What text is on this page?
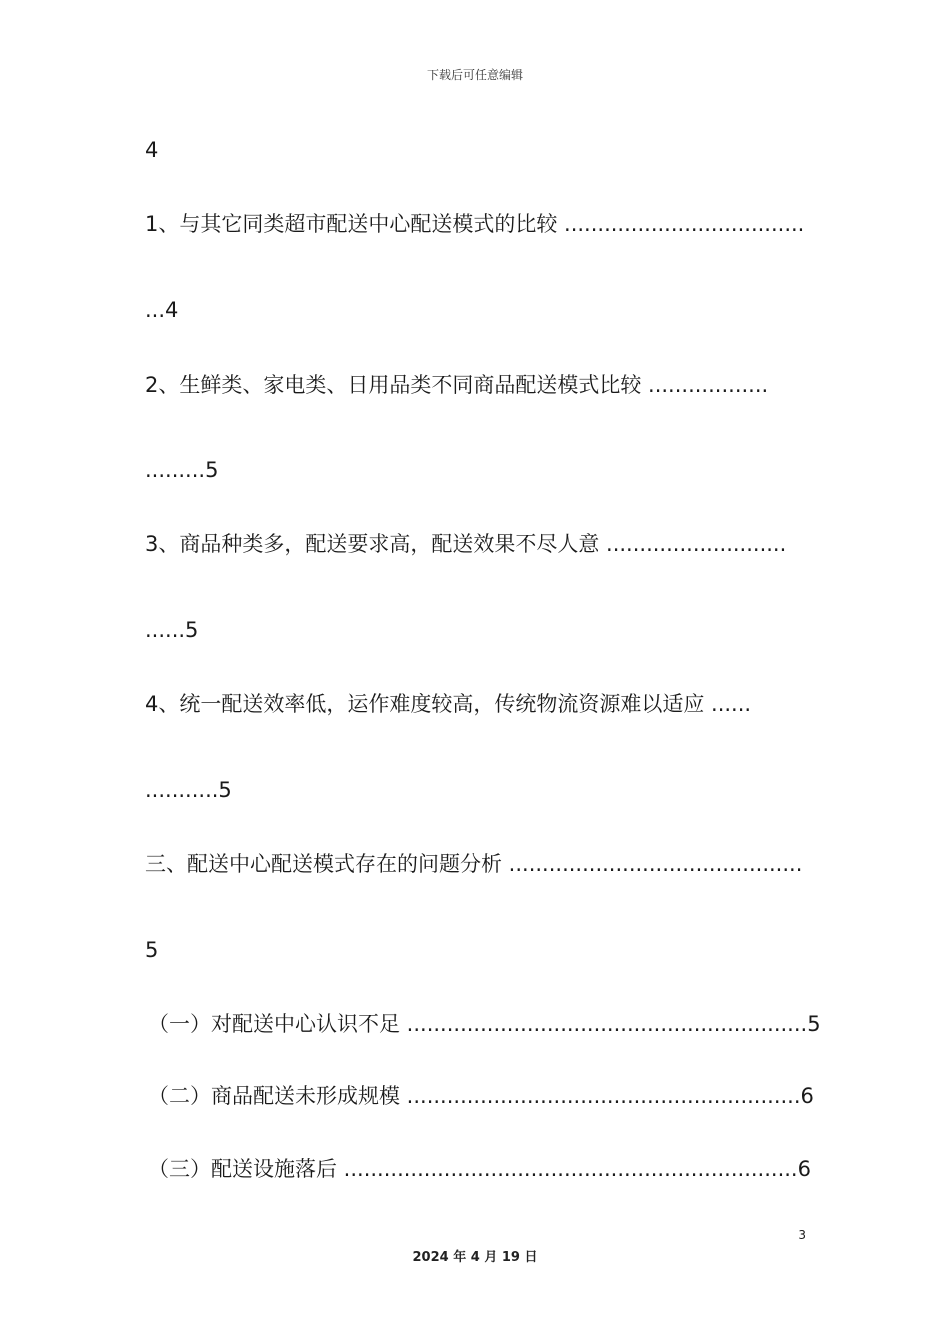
下载后可任意编辑
4
1、与其它同类超市配送中心配送模式的比较 ....................................
...4
2、生鲜类、家电类、日用品类不同商品配送模式比较 ..................
.........5
3、商品种类多，配送要求高，配送效果不尽人意 ...........................
......5
4、统一配送效率低，运作难度较高，传统物流资源难以适应 ......
...........5
三、配送中心配送模式存在的问题分析 ............................................
5
（一）对配送中心认识不足 ............................................................5
（二）商品配送未形成规模 ...........................................................6
（三）配送设施落后 ....................................................................6
3
2024 年 4 月 19 日
